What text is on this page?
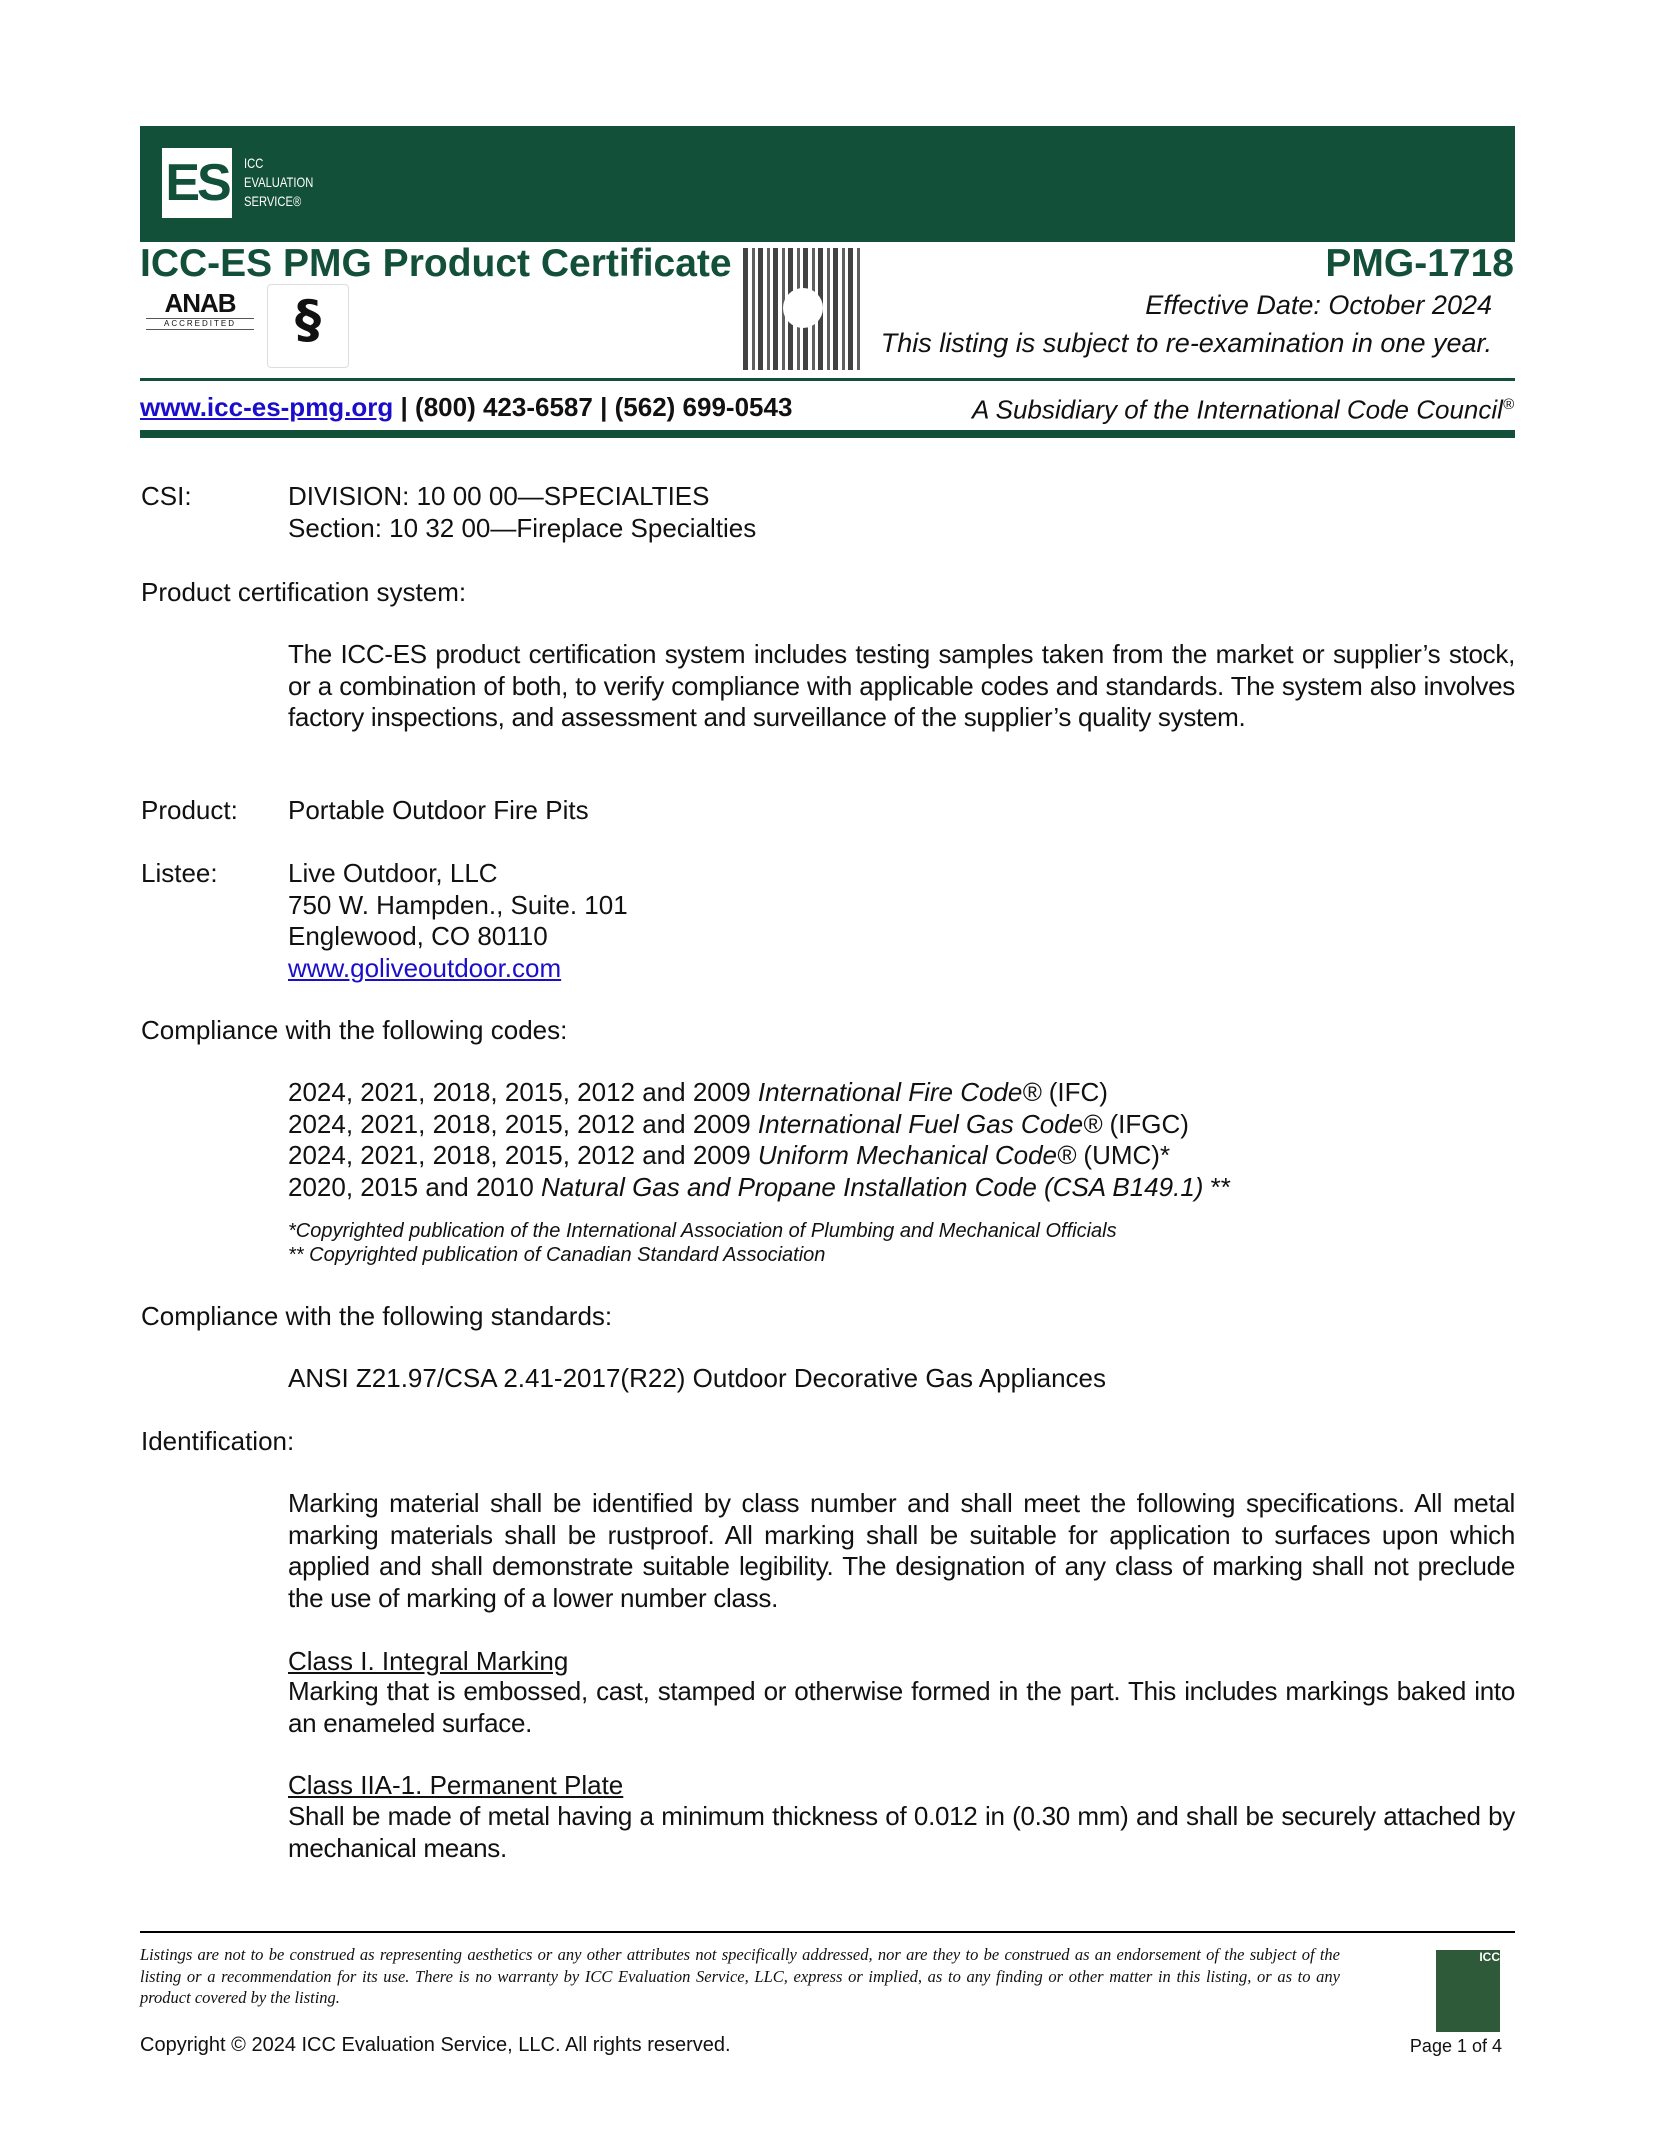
ES ICC
EVALUATION
SERVICE®
ICC-ES PMG Product Certificate
ANAB
ACCREDITED	§
PMG-1718
Effective Date: October 2024
This listing is subject to re-examination in one year.
www.icc-es-pmg.org | (800) 423-6587 | (562) 699-0543	A Subsidiary of the International Code Council®
CSI:	DIVISION: 10 00 00—SPECIALTIES
Section: 10 32 00—Fireplace Specialties
Product certification system:
The ICC-ES product certification system includes testing samples taken from the market or supplier’s stock, or a combination of both, to verify compliance with applicable codes and standards. The system also involves factory inspections, and assessment and surveillance of the supplier’s quality system.
Product: Portable Outdoor Fire Pits
Listee:	Live Outdoor, LLC
750 W. Hampden., Suite. 101
Englewood, CO 80110
www.goliveoutdoor.com
Compliance with the following codes:
2024, 2021, 2018, 2015, 2012 and 2009 International Fire Code® (IFC)
2024, 2021, 2018, 2015, 2012 and 2009 International Fuel Gas Code® (IFGC)
2024, 2021, 2018, 2015, 2012 and 2009 Uniform Mechanical Code® (UMC)*
2020, 2015 and 2010 Natural Gas and Propane Installation Code (CSA B149.1) **
*Copyrighted publication of the International Association of Plumbing and Mechanical Officials
** Copyrighted publication of Canadian Standard Association
Compliance with the following standards:
ANSI Z21.97/CSA 2.41-2017(R22) Outdoor Decorative Gas Appliances
Identification:
Marking material shall be identified by class number and shall meet the following specifications. All metal marking materials shall be rustproof. All marking shall be suitable for application to surfaces upon which applied and shall demonstrate suitable legibility. The designation of any class of marking shall not preclude the use of marking of a lower number class.
Class I. Integral Marking
Marking that is embossed, cast, stamped or otherwise formed in the part. This includes markings baked into an enameled surface.
Class IIA-1. Permanent Plate
Shall be made of metal having a minimum thickness of 0.012 in (0.30 mm) and shall be securely attached by mechanical means.
Listings are not to be construed as representing aesthetics or any other attributes not specifically addressed, nor are they to be construed as an endorsement of the subject of the listing or a recommendation for its use. There is no warranty by ICC Evaluation Service, LLC, express or implied, as to any finding or other matter in this listing, or as to any product covered by the listing.
Copyright © 2024 ICC Evaluation Service, LLC. All rights reserved.
ICC
Page 1 of 4
